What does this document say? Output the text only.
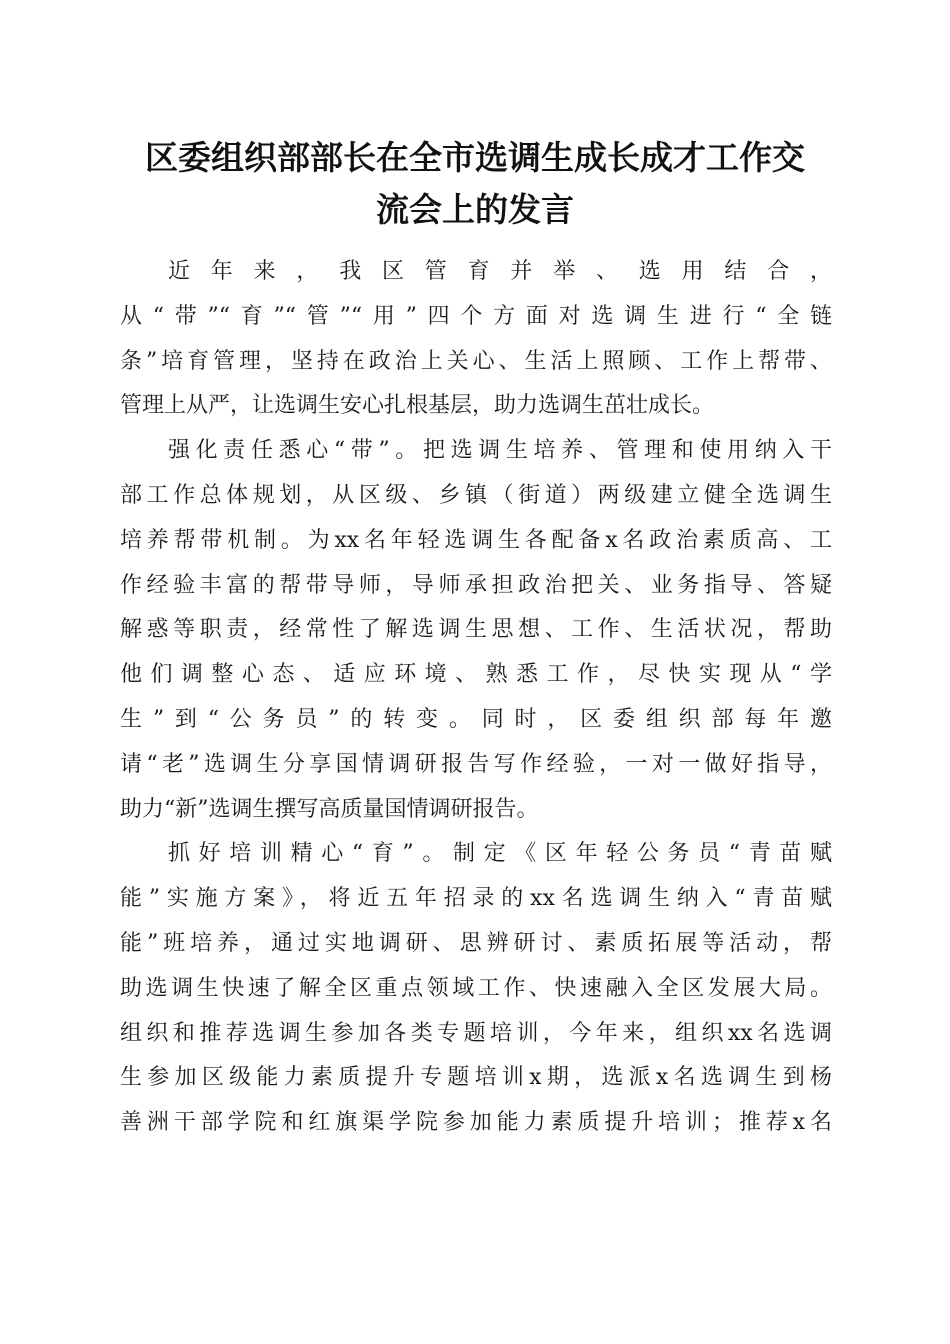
区委组织部部长在全市选调生成长成才工作交
流会上的发言
近 年 来 ， 我 区 管 育 并 举 、 选 用 结 合 ，
从“带”“育”“管”“用”四个方面对选调生进行“全链
条”培育管理，坚持在政治上关心、生活上照顾、工作上帮带、
管理上从严，让选调生安心扎根基层，助力选调生茁壮成长。
强化责任悉心“带”。把选调生培养、管理和使用纳入干
部工作总体规划，从区级、乡镇（街道）两级建立健全选调生
培养帮带机制。为xx名年轻选调生各配备x名政治素质高、工
作经验丰富的帮带导师，导师承担政治把关、业务指导、答疑
解惑等职责，经常性了解选调生思想、工作、生活状况，帮助
他们调整心态、适应环境、熟悉工作，尽快实现从“学
生”到“公务员”的转变。同时，区委组织部每年邀
请“老”选调生分享国情调研报告写作经验，一对一做好指导，
助力“新”选调生撰写高质量国情调研报告。
抓好培训精心“育”。制定《区年轻公务员“青苗赋
能”实施方案》，将近五年招录的xx名选调生纳入“青苗赋
能”班培养，通过实地调研、思辨研讨、素质拓展等活动，帮
助选调生快速了解全区重点领域工作、快速融入全区发展大局。
组织和推荐选调生参加各类专题培训，今年来，组织xx名选调
生参加区级能力素质提升专题培训x期，选派x名选调生到杨
善洲干部学院和红旗渠学院参加能力素质提升培训；推荐x名
